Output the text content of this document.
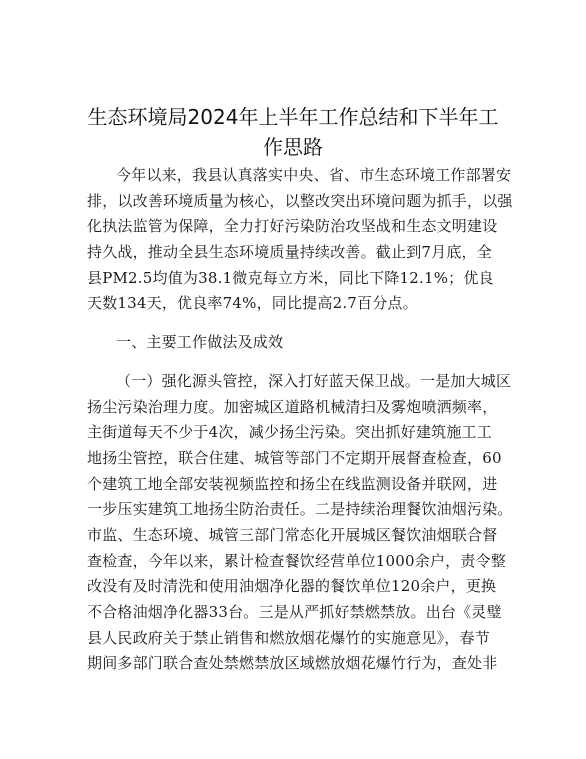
生态环境局2024年上半年工作总结和下半年工
作思路
今年以来，我县认真落实中央、省、市生态环境工作部署安
排，以改善环境质量为核心，以整改突出环境问题为抓手，以强
化执法监管为保障，全力打好污染防治攻坚战和生态文明建设
持久战，推动全县生态环境质量持续改善。截止到7月底，全
县PM2.5均值为38.1微克每立方米，同比下降12.1%；优良
天数134天，优良率74%，同比提高2.7百分点。
一、主要工作做法及成效
（一）强化源头管控，深入打好蓝天保卫战。一是加大城区
扬尘污染治理力度。加密城区道路机械清扫及雾炮喷洒频率，
主街道每天不少于4次，减少扬尘污染。突出抓好建筑施工工
地扬尘管控，联合住建、城管等部门不定期开展督查检查，60
个建筑工地全部安装视频监控和扬尘在线监测设备并联网，进
一步压实建筑工地扬尘防治责任。二是持续治理餐饮油烟污染。
市监、生态环境、城管三部门常态化开展城区餐饮油烟联合督
查检查，今年以来，累计检查餐饮经营单位1000余户，责令整
改没有及时清洗和使用油烟净化器的餐饮单位120余户，更换
不合格油烟净化器33台。三是从严抓好禁燃禁放。出台《灵璧
县人民政府关于禁止销售和燃放烟花爆竹的实施意见》，春节
期间多部门联合查处禁燃禁放区域燃放烟花爆竹行为，查处非
